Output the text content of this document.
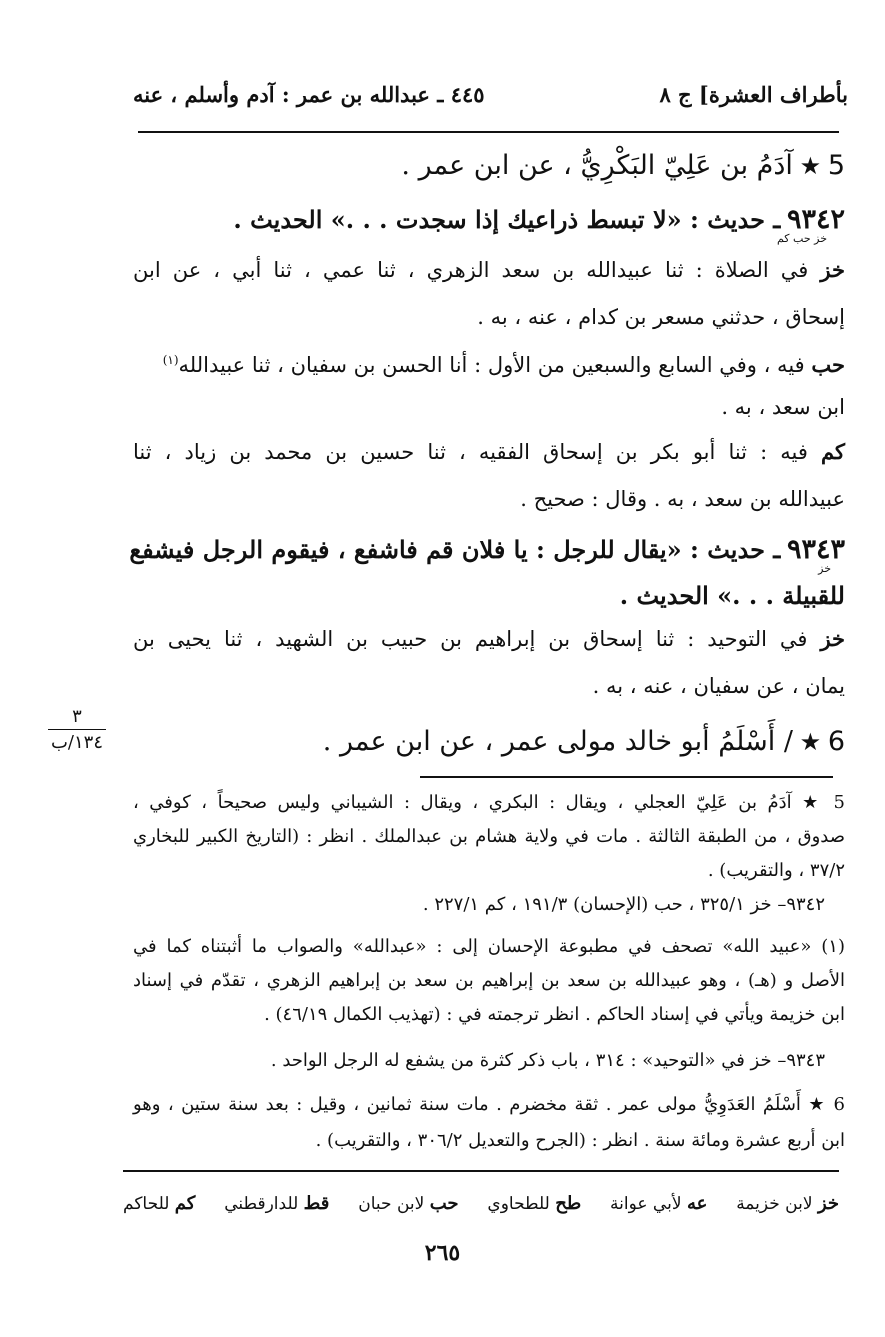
بأطراف العشرة] ج ٨
٤٤٥ ـ عبدالله بن عمر : آدم وأسلم ، عنه
5 ★ آدَمُ بن عَلِيّ البَكْرِيُّ ، عن ابن عمر .
٩٣٤٢ ـ حديث : «لا تبسط ذراعيك إذا سجدت . . .» الحديث .
خز حب كم
خز في الصلاة : ثنا عبيدالله بن سعد الزهري ، ثنا عمي ، ثنا أبي ، عن ابن
إسحاق ، حدثني مسعر بن كدام ، عنه ، به .
حب فيه ، وفي السابع والسبعين من الأول : أنا الحسن بن سفيان ، ثنا عبيدالله$^{(١)}$
ابن سعد ، به .
كم فيه : ثنا أبو بكر بن إسحاق الفقيه ، ثنا حسين بن محمد بن زياد ، ثنا
عبيدالله بن سعد ، به . وقال : صحيح .
٩٣٤٣ ـ حديث : «يقال للرجل : يا فلان قم فاشفع ، فيقوم الرجل فيشفع
خز
للقبيلة . . .» الحديث .
خز في التوحيد : ثنا إسحاق بن إبراهيم بن حبيب بن الشهيد ، ثنا يحيى بن
يمان ، عن سفيان ، عنه ، به .
٣
١٣٤/ب	6 ★ / أَسْلَمُ أبو خالد مولى عمر ، عن ابن عمر .
5 ★ آدَمُ بن عَلِيّ العجلي ، ويقال : البكري ، ويقال : الشيباني وليس صحيحاً ، كوفي ،
صدوق ، من الطبقة الثالثة . مات في ولاية هشام بن عبدالملك . انظر : (التاريخ الكبير للبخاري
٣٧/٢ ، والتقريب) .
٩٣٤٢– خز ٣٢٥/١ ، حب (الإحسان) ١٩١/٣ ، كم ٢٢٧/١ .
(١) «عبيد الله» تصحف في مطبوعة الإحسان إلى : «عبدالله» والصواب ما أثبتناه كما في
الأصل و (هـ) ، وهو عبيدالله بن سعد بن إبراهيم بن سعد بن إبراهيم الزهري ، تقدّم في إسناد
ابن خزيمة ويأتي في إسناد الحاكم . انظر ترجمته في : (تهذيب الكمال ٤٦/١٩) .
٩٣٤٣– خز في «التوحيد» : ٣١٤ ، باب ذكر كثرة من يشفع له الرجل الواحد .
6 ★ أَسْلَمُ العَدَوِيُّ مولى عمر . ثقة مخضرم . مات سنة ثمانين ، وقيل : بعد سنة ستين ، وهو
ابن أربع عشرة ومائة سنة . انظر : (الجرح والتعديل ٣٠٦/٢ ، والتقريب) .
خز لابن خزيمة
عه لأبي عوانة
طح للطحاوي
حب لابن حبان
قط للدارقطني
كم للحاكم
٢٦٥
